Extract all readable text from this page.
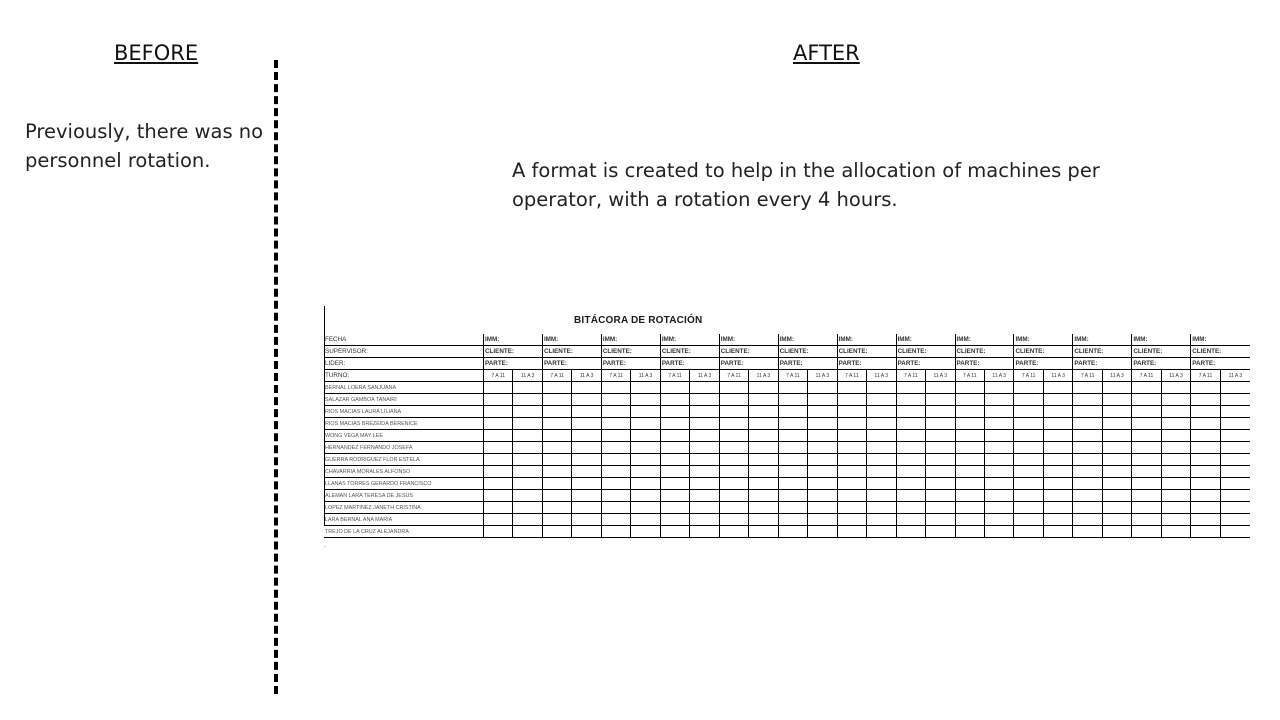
BEFORE	AFTER
Previously, there was no personnel rotation.	A format is created to help in the allocation of machines per operator, with a rotation every 4 hours.
BITÁCORA DE ROTACIÓN
FECHA	IMM:		IMM:		IMM:		IMM:		IMM:		IMM:		IMM:		IMM:		IMM:		IMM:		IMM:		IMM:		IMM:	
SUPERVISOR:	CLIENTE:		CLIENTE:		CLIENTE:		CLIENTE:		CLIENTE:		CLIENTE:		CLIENTE:		CLIENTE:		CLIENTE:		CLIENTE:		CLIENTE:		CLIENTE:		CLIENTE:	
LIDER:	PARTE:		PARTE:		PARTE:		PARTE:		PARTE:		PARTE:		PARTE:		PARTE:		PARTE:		PARTE:		PARTE:		PARTE:		PARTE:	
TURNO:	7 A 11	11 A 3	7 A 11	11 A 3	7 A 11	11 A 3	7 A 11	11 A 3	7 A 11	11 A 3	7 A 11	11 A 3	7 A 11	11 A 3	7 A 11	11 A 3	7 A 11	11 A 3	7 A 11	11 A 3	7 A 11	11 A 3	7 A 11	11 A 3	7 A 11	11 A 3
BERNAL LOERA SANJUANA																										
SALAZAR GAMBOA TANAIRI																										
RIOS MACIAS LAURA LILIANA																										
RIOS MACIAS BREZEIDA BERENICE																										
WONG VEGA MAY LEE																										
HERNANDEZ FERNANDO JOSEFA																										
GUERRA RODRIGUEZ FLOR ESTELA																										
CHAVARRIA MORALES ALFONSO																										
LLANAS TORRES GERARDO FRANCISCO																										
ALEMAN LARA TERESA DE JESUS																										
LOPEZ MARTINEZ JANETH CRISTINA																										
LARA BERNAL ANA MARIA																										
TREJO DE LA CRUZ ALEJANDRA																										
.
